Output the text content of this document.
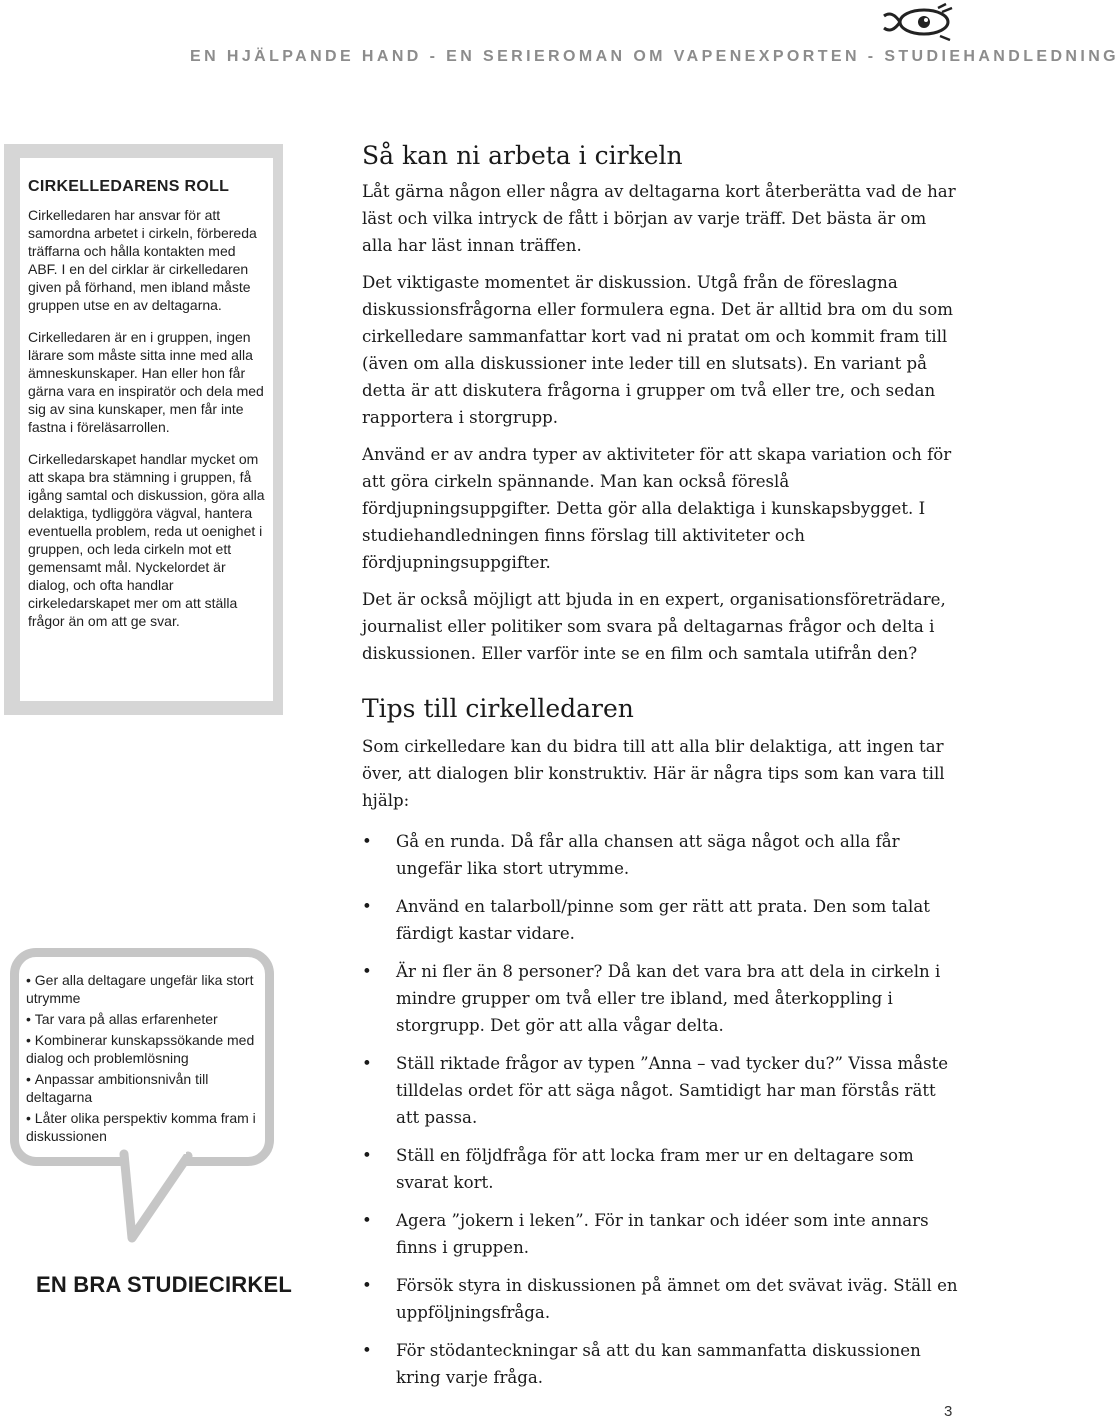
EN HJÄLPANDE HAND - EN SERIEROMAN OM VAPENEXPORTEN - STUDIEHANDLEDNING
CIRKELLEDARENS ROLL

Cirkelledaren har ansvar för att samordna arbetet i cirkeln, förbereda träffarna och hålla kontakten med ABF. I en del cirklar är cirkelledaren given på förhand, men ibland måste gruppen utse en av deltagarna.

Cirkelledaren är en i gruppen, ingen lärare som måste sitta inne med alla ämneskunskaper. Han eller hon får gärna vara en inspiratör och dela med sig av sina kunskaper, men får inte fastna i föreläsarrollen.

Cirkelledarskapet handlar mycket om att skapa bra stämning i gruppen, få igång samtal och diskussion, göra alla delaktiga, tydliggöra vägval, hantera eventuella problem, reda ut oenighet i gruppen, och leda cirkeln mot ett gemensamt mål. Nyckelordet är dialog, och ofta handlar cirkeledarskapet mer om att ställa frågor än om att ge svar.

• Ger alla deltagare ungefär lika stort utrymme
• Tar vara på allas erfarenheter
• Kombinerar kunskapssökande med dialog och problemlösning
• Anpassar ambitionsnivån till deltagarna
• Låter olika perspektiv komma fram i diskussionen
EN BRA STUDIECIRKEL
Så kan ni arbeta i cirkeln

Låt gärna någon eller några av deltagarna kort återberätta vad de har läst och vilka intryck de fått i början av varje träff. Det bästa är om alla har läst innan träffen.

Det viktigaste momentet är diskussion. Utgå från de föreslagna diskussionsfrågorna eller formulera egna. Det är alltid bra om du som cirkelledare sammanfattar kort vad ni pratat om och kommit fram till (även om alla diskussioner inte leder till en slutsats). En variant på detta är att diskutera frågorna i grupper om två eller tre, och sedan rapportera i storgrupp.

Använd er av andra typer av aktiviteter för att skapa variation och för att göra cirkeln spännande. Man kan också föreslå fördjupningsuppgifter. Detta gör alla delaktiga i kunskapsbygget. I studiehandledningen finns förslag till aktiviteter och fördjupningsuppgifter.

Det är också möjligt att bjuda in en expert, organisationsföreträdare, journalist eller politiker som svara på deltagarnas frågor och delta i diskussionen. Eller varför inte se en film och samtala utifrån den?

Tips till cirkelledaren

Som cirkelledare kan du bidra till att alla blir delaktiga, att ingen tar över, att dialogen blir konstruktiv. Här är några tips som kan vara till hjälp:

• Gå en runda. Då får alla chansen att säga något och alla får ungefär lika stort utrymme.
• Använd en talarboll/pinne som ger rätt att prata. Den som talat färdigt kastar vidare.
• Är ni fler än 8 personer? Då kan det vara bra att dela in cirkeln i mindre grupper om två eller tre ibland, med återkoppling i storgrupp. Det gör att alla vågar delta.
• Ställ riktade frågor av typen ”Anna – vad tycker du?” Vissa måste tilldelas ordet för att säga något. Samtidigt har man förstås rätt att passa.
• Ställ en följdfråga för att locka fram mer ur en deltagare som svarat kort.
• Agera ”jokern i leken”. För in tankar och idéer som inte annars finns i gruppen.
• Försök styra in diskussionen på ämnet om det svävat iväg. Ställ en uppföljningsfråga.
• För stödanteckningar så att du kan sammanfatta diskussionen kring varje fråga.
3
